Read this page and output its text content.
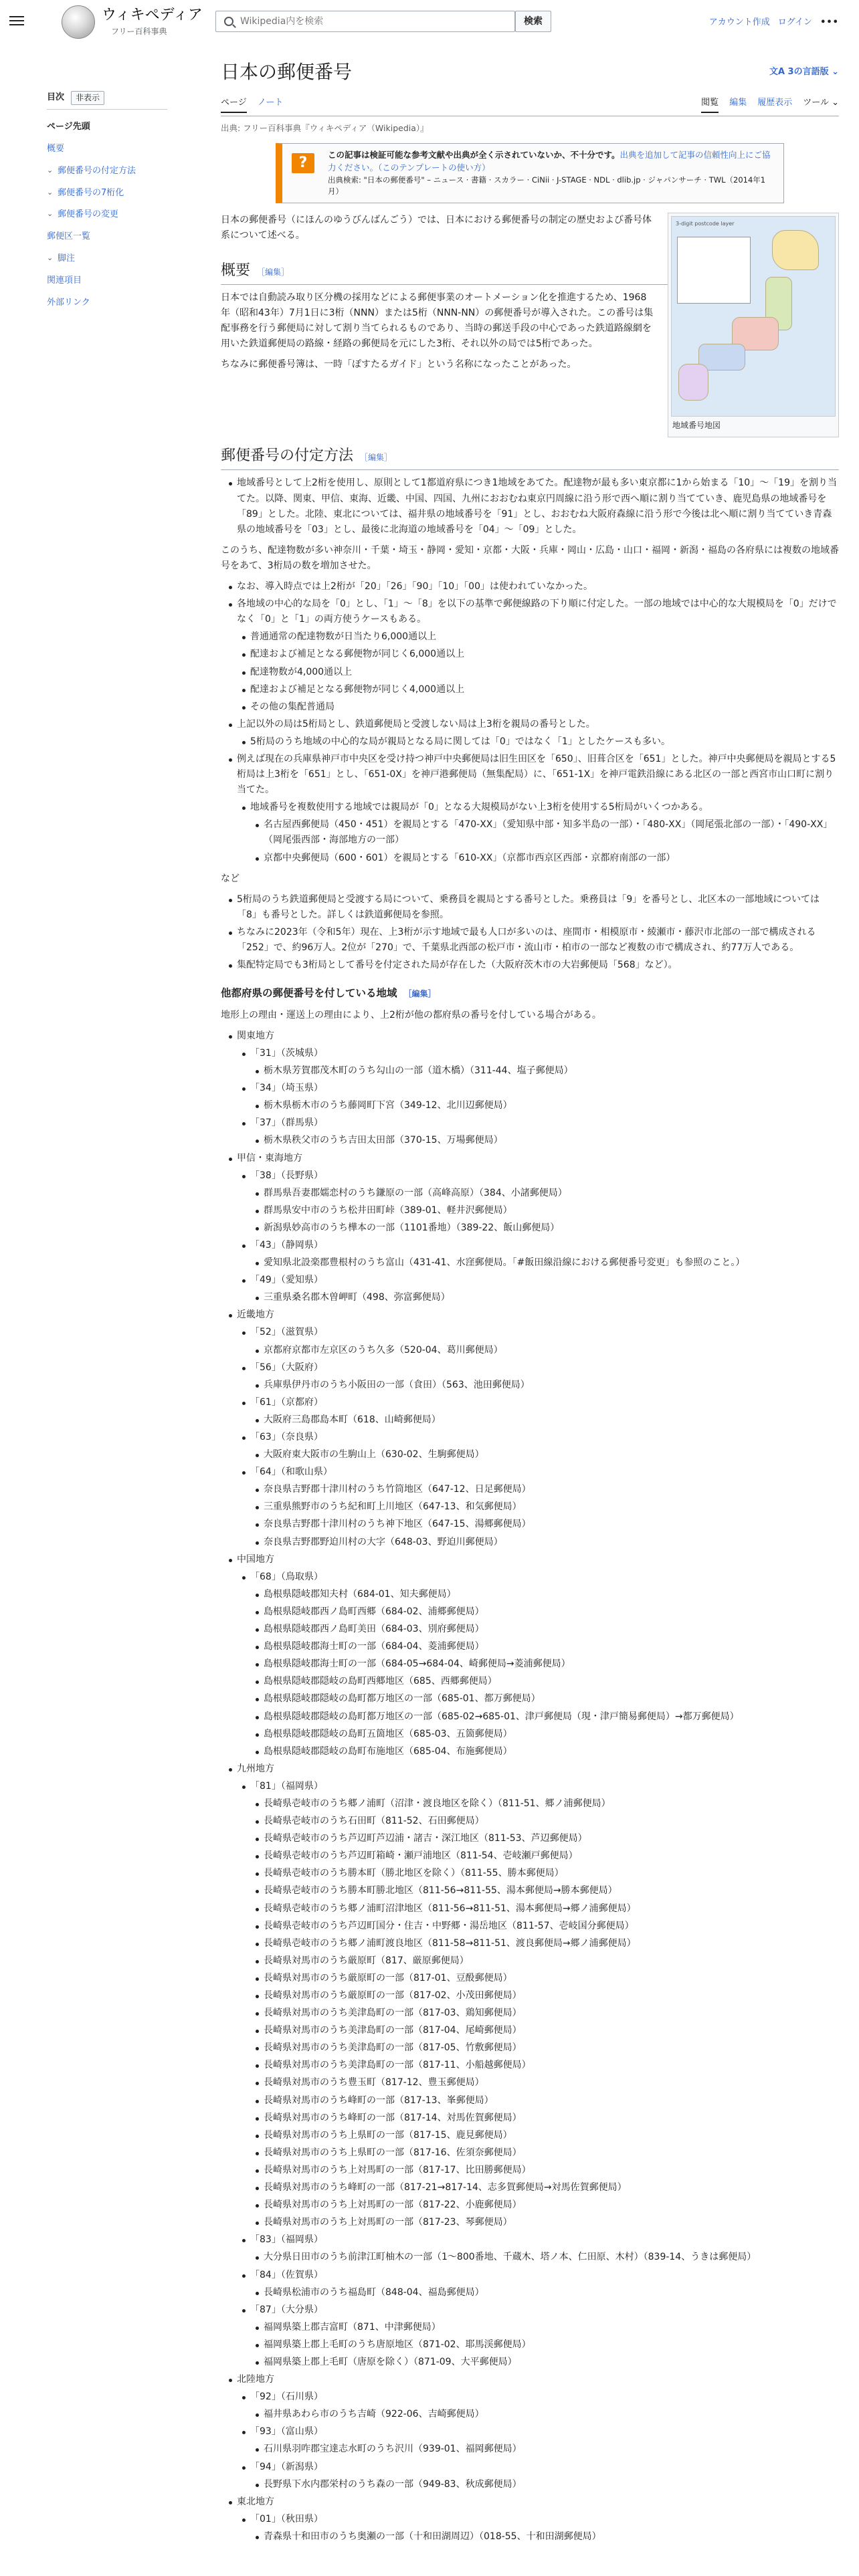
ウィキペディア
フリー百科事典
Wikipedia内を検索
検索	アカウント作成 ログイン •••
目次	非表示
ページ先頭
概要
⌄ 郵便番号の付定方法
⌄ 郵便番号の7桁化
⌄ 郵便番号の変更
郵便区一覧
⌄ 脚注
関連項目
外部リンク
日本の郵便番号	文A 3の言語版 ⌄
ページ ノート	閲覧 編集 履歴表示 ツール ⌄
出典: フリー百科事典『ウィキペディア（Wikipedia）』
?
この記事は検証可能な参考文献や出典が全く示されていないか、不十分です。出典を追加して記事の信頼性向上にご協力ください。（このテンプレートの使い方）
出典検索: "日本の郵便番号" – ニュース · 書籍 · スカラー · CiNii · J-STAGE · NDL · dlib.jp · ジャパンサーチ · TWL（2014年1月）
3-digit postcode layer
地域番号地図

日本の郵便番号（にほんのゆうびんばんごう）では、日本における郵便番号の制定の歴史および番号体系について述べる。

概要 ［編集］

日本では自動読み取り区分機の採用などによる郵便事業のオートメーション化を推進するため、1968年（昭和43年）7月1日に3桁（NNN）または5桁（NNN-NN）の郵便番号が導入された。この番号は集配事務を行う郵便局に対して割り当てられるものであり、当時の郵送手段の中心であった鉄道路線網を用いた鉄道郵便局の路線・経路の郵便局を元にした3桁、それ以外の局では5桁であった。

ちなみに郵便番号簿は、一時「ぽすたるガイド」という名称になったことがあった。

郵便番号の付定方法 ［編集］
地域番号として上2桁を使用し、原則として1都道府県につき1地域をあてた。配達物が最も多い東京都に1から始まる「10」〜「19」を割り当てた。以降、関東、甲信、東海、近畿、中国、四国、九州におおむね東京円周線に沿う形で西へ順に割り当てていき、鹿児島県の地域番号を「89」とした。北陸、東北については、福井県の地域番号を「91」とし、おおむね大阪府森線に沿う形で今後は北へ順に割り当てていき青森県の地域番号を「03」とし、最後に北海道の地域番号を「04」〜「09」とした。

このうち、配達物数が多い神奈川・千葉・埼玉・静岡・愛知・京都・大阪・兵庫・岡山・広島・山口・福岡・新潟・福島の各府県には複数の地域番号をあて、3桁局の数を増加させた。

なお、導入時点では上2桁が「20」「26」「90」「10」「00」は使われていなかった。
各地域の中心的な局を「0」とし、「1」〜「8」を以下の基準で郵便線路の下り順に付定した。一部の地域では中心的な大規模局を「0」だけでなく「0」と「1」の両方使うケースもある。
普通通常の配達物数が日当たり6,000通以上
配達および補足となる郵便物が同じく6,000通以上
配達物数が4,000通以上
配達および補足となる郵便物が同じく4,000通以上
その他の集配普通局
上記以外の局は5桁局とし、鉄道郵便局と受渡しない局は上3桁を親局の番号とした。
5桁局のうち地域の中心的な局が親局となる局に関しては「0」ではなく「1」としたケースも多い。
例えば現在の兵庫県神戸市中央区を受け持つ神戸中央郵便局は旧生田区を「650」、旧葺合区を「651」とした。神戸中央郵便局を親局とする5桁局は上3桁を「651」とし、「651-0X」を神戸港郵便局（無集配局）に、「651-1X」を神戸電鉄沿線にある北区の一部と西宮市山口町に割り当てた。
地域番号を複数使用する地域では親局が「0」となる大規模局がない上3桁を使用する5桁局がいくつかある。
名古屋西郵便局（450・451）を親局とする「470-XX」（愛知県中部・知多半島の一部）・「480-XX」（岡尾張北部の一部）・「490-XX」（岡尾張西部・海部地方の一部）
京都中央郵便局（600・601）を親局とする「610-XX」（京都市西京区西部・京都府南部の一部）

など

5桁局のうち鉄道郵便局と受渡する局について、乗務員を親局とする番号とした。乗務員は「9」を番号とし、北区本の一部地域については「8」も番号とした。詳しくは鉄道郵便局を参照。
ちなみに2023年（令和5年）現在、上3桁が示す地域で最も人口が多いのは、座間市・相模原市・綾瀬市・藤沢市北部の一部で構成される「252」で、約96万人。2位が「270」で、千葉県北西部の松戸市・流山市・柏市の一部など複数の市で構成され、約77万人である。
集配特定局でも3桁局として番号を付定された局が存在した（大阪府茨木市の大岩郵便局「568」など）。
他都府県の郵便番号を付している地域 ［編集］

地形上の理由・運送上の理由により、上2桁が他の都府県の番号を付している場合がある。

関東地方
「31」（茨城県）
栃木県芳賀郡茂木町のうち勾山の一部（道木橋）（311-44、塩子郵便局）
「34」（埼玉県）
栃木県栃木市のうち藤岡町下宮（349-12、北川辺郵便局）
「37」（群馬県）
栃木県秩父市のうち吉田太田部（370-15、万場郵便局）
甲信・東海地方
「38」（長野県）
群馬県吾妻郡嬬恋村のうち鎌原の一部（高峰高原）（384、小諸郵便局）
群馬県安中市のうち松井田町峠（389-01、軽井沢郵便局）
新潟県妙高市のうち樺本の一部（1101番地）（389-22、飯山郵便局）
「43」（静岡県）
愛知県北設楽郡豊根村のうち富山（431-41、水窪郵便局。「#飯田線沿線における郵便番号変更」も参照のこと。）
「49」（愛知県）
三重県桑名郡木曽岬町（498、弥富郵便局）
近畿地方
「52」（滋賀県）
京都府京都市左京区のうち久多（520-04、葛川郵便局）
「56」（大阪府）
兵庫県伊丹市のうち小阪田の一部（食田）（563、池田郵便局）
「61」（京都府）
大阪府三島郡島本町（618、山崎郵便局）
「63」（奈良県）
大阪府東大阪市の生駒山上（630-02、生駒郵便局）
「64」（和歌山県）
奈良県吉野郡十津川村のうち竹筒地区（647-12、日足郵便局）
三重県熊野市のうち紀和町上川地区（647-13、和気郵便局）
奈良県吉野郡十津川村のうち神下地区（647-15、湯郷郵便局）
奈良県吉野郡野迫川村の大字（648-03、野迫川郵便局）
中国地方
「68」（鳥取県）
島根県隠岐郡知夫村（684-01、知夫郵便局）
島根県隠岐郡西ノ島町西郷（684-02、浦郷郵便局）
島根県隠岐郡西ノ島町美田（684-03、別府郵便局）
島根県隠岐郡海士町の一部（684-04、菱浦郵便局）
島根県隠岐郡海士町の一部（684-05→684-04、崎郵便局→菱浦郵便局）
島根県隠岐郡隠岐の島町西郷地区（685、西郷郵便局）
島根県隠岐郡隠岐の島町都万地区の一部（685-01、都万郵便局）
島根県隠岐郡隠岐の島町都万地区の一部（685-02→685-01、津戸郵便局（現・津戸簡易郵便局）→都万郵便局）
島根県隠岐郡隠岐の島町五箇地区（685-03、五箇郵便局）
島根県隠岐郡隠岐の島町布施地区（685-04、布施郵便局）
九州地方
「81」（福岡県）
長崎県壱岐市のうち郷ノ浦町（沼津・渡良地区を除く）（811-51、郷ノ浦郵便局）
長崎県壱岐市のうち石田町（811-52、石田郵便局）
長崎県壱岐市のうち芦辺町芦辺浦・諸吉・深江地区（811-53、芦辺郵便局）
長崎県壱岐市のうち芦辺町箱崎・瀬戸浦地区（811-54、壱岐瀬戸郵便局）
長崎県壱岐市のうち勝本町（勝北地区を除く）（811-55、勝本郵便局）
長崎県壱岐市のうち勝本町勝北地区（811-56→811-55、湯本郵便局→勝本郵便局）
長崎県壱岐市のうち郷ノ浦町沼津地区（811-56→811-51、湯本郵便局→郷ノ浦郵便局）
長崎県壱岐市のうち芦辺町国分・住吉・中野郷・湯岳地区（811-57、壱岐国分郵便局）
長崎県壱岐市のうち郷ノ浦町渡良地区（811-58→811-51、渡良郵便局→郷ノ浦郵便局）
長崎県対馬市のうち厳原町（817、厳原郵便局）
長崎県対馬市のうち厳原町の一部（817-01、豆酘郵便局）
長崎県対馬市のうち厳原町の一部（817-02、小茂田郵便局）
長崎県対馬市のうち美津島町の一部（817-03、鶏知郵便局）
長崎県対馬市のうち美津島町の一部（817-04、尾崎郵便局）
長崎県対馬市のうち美津島町の一部（817-05、竹敷郵便局）
長崎県対馬市のうち美津島町の一部（817-11、小船越郵便局）
長崎県対馬市のうち豊玉町（817-12、豊玉郵便局）
長崎県対馬市のうち峰町の一部（817-13、峯郵便局）
長崎県対馬市のうち峰町の一部（817-14、対馬佐賀郵便局）
長崎県対馬市のうち上県町の一部（817-15、鹿見郵便局）
長崎県対馬市のうち上県町の一部（817-16、佐須奈郵便局）
長崎県対馬市のうち上対馬町の一部（817-17、比田勝郵便局）
長崎県対馬市のうち峰町の一部（817-21→817-14、志多賀郵便局→対馬佐賀郵便局）
長崎県対馬市のうち上対馬町の一部（817-22、小鹿郵便局）
長崎県対馬市のうち上対馬町の一部（817-23、琴郵便局）
「83」（福岡県）
大分県日田市のうち前津江町柚木の一部（1～800番地、千蔵木、塔ノ本、仁田原、木村）（839-14、うきは郵便局）
「84」（佐賀県）
長崎県松浦市のうち福島町（848-04、福島郵便局）
「87」（大分県）
福岡県築上郡吉富町（871、中津郵便局）
福岡県築上郡上毛町のうち唐原地区（871-02、耶馬渓郵便局）
福岡県築上郡上毛町（唐原を除く）（871-09、大平郵便局）
北陸地方
「92」（石川県）
福井県あわら市のうち吉崎（922-06、吉崎郵便局）
「93」（富山県）
石川県羽咋郡宝達志水町のうち沢川（939-01、福岡郵便局）
「94」（新潟県）
長野県下水内郡栄村のうち森の一部（949-83、秋成郵便局）
東北地方
「01」（秋田県）
青森県十和田市のうち奥瀬の一部（十和田湖周辺）（018-55、十和田湖郵便局）
